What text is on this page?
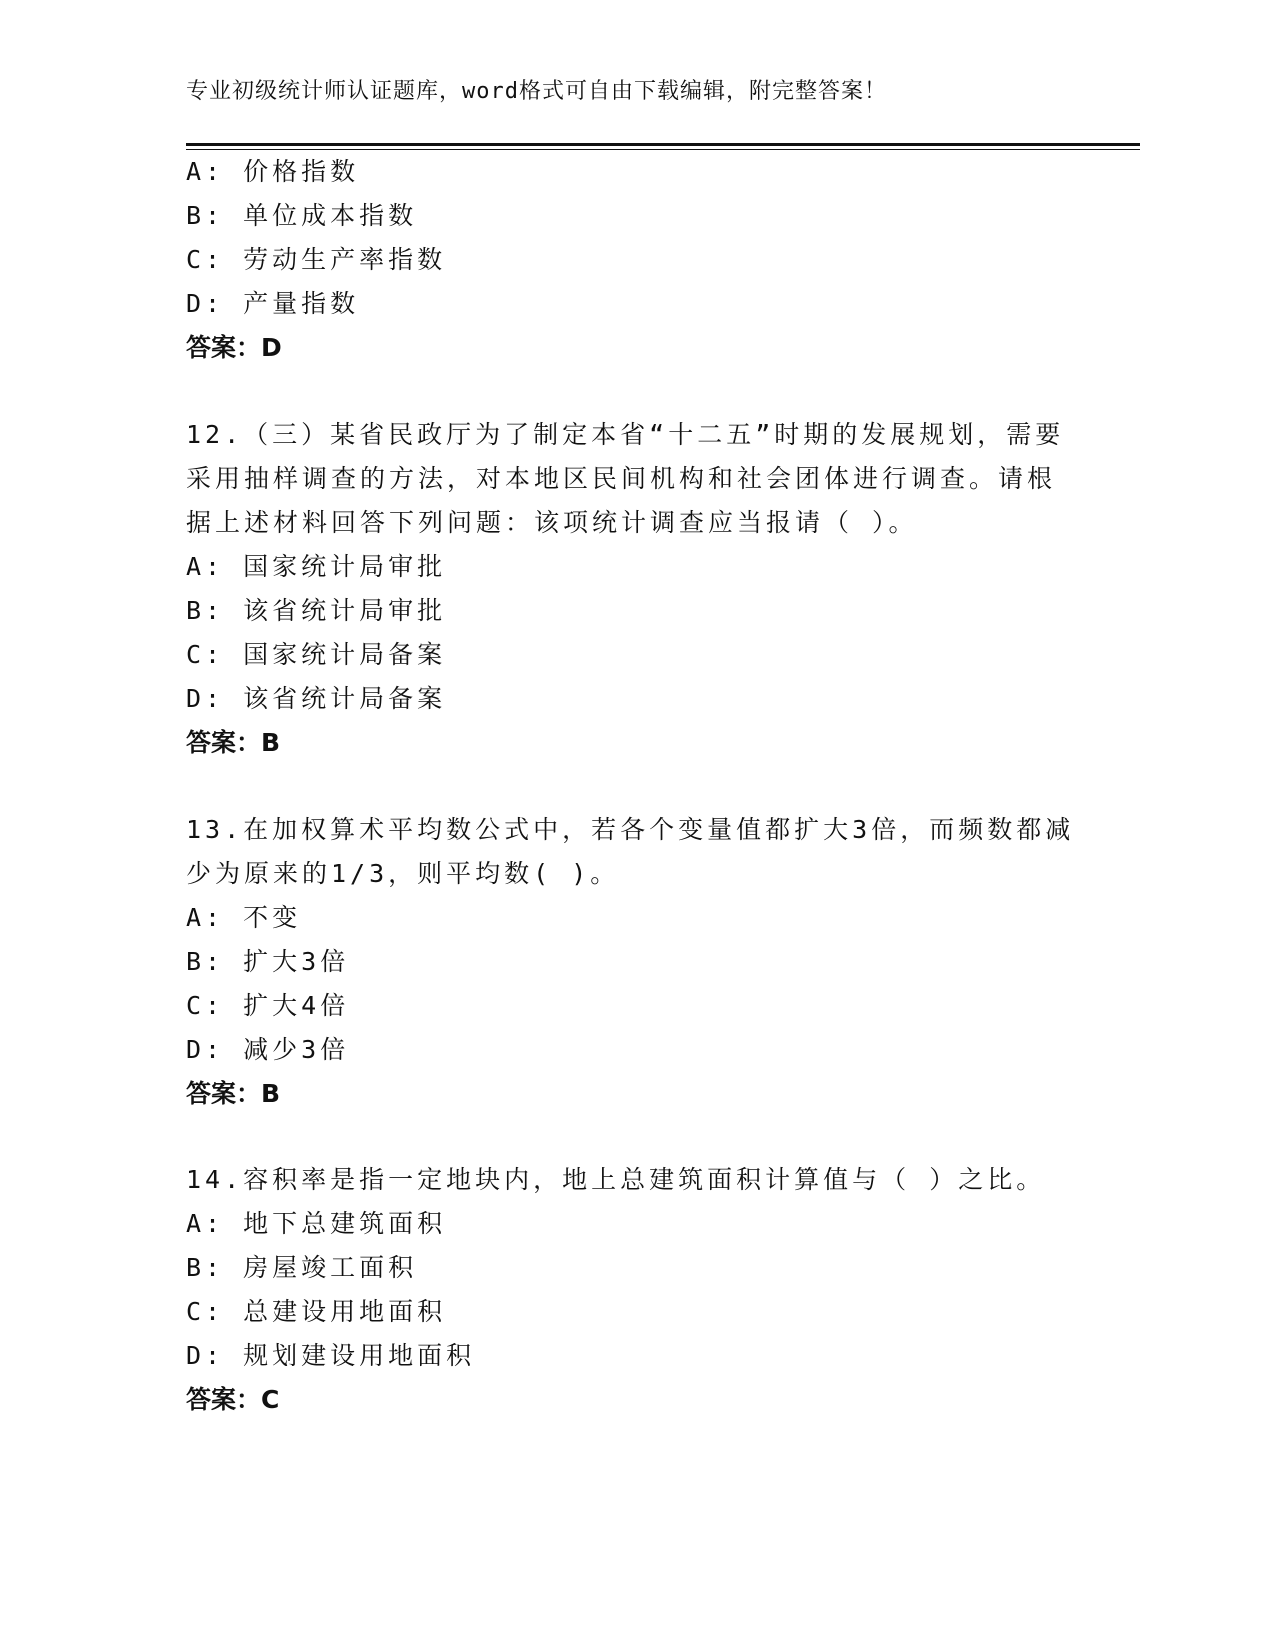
专业初级统计师认证题库，word格式可自由下载编辑，附完整答案！
A: 价格指数
B: 单位成本指数
C: 劳动生产率指数
D: 产量指数
答案：D
12.（三）某省民政厅为了制定本省“十二五”时期的发展规划，需要
采用抽样调查的方法，对本地区民间机构和社会团体进行调查。请根
据上述材料回答下列问题：该项统计调查应当报请（ ）。
A: 国家统计局审批
B: 该省统计局审批
C: 国家统计局备案
D: 该省统计局备案
答案：B
13.在加权算术平均数公式中，若各个变量值都扩大3倍，而频数都减
少为原来的1/3，则平均数( )。
A: 不变
B: 扩大3倍
C: 扩大4倍
D: 减少3倍
答案：B
14.容积率是指一定地块内，地上总建筑面积计算值与（ ）之比。
A: 地下总建筑面积
B: 房屋竣工面积
C: 总建设用地面积
D: 规划建设用地面积
答案：C
